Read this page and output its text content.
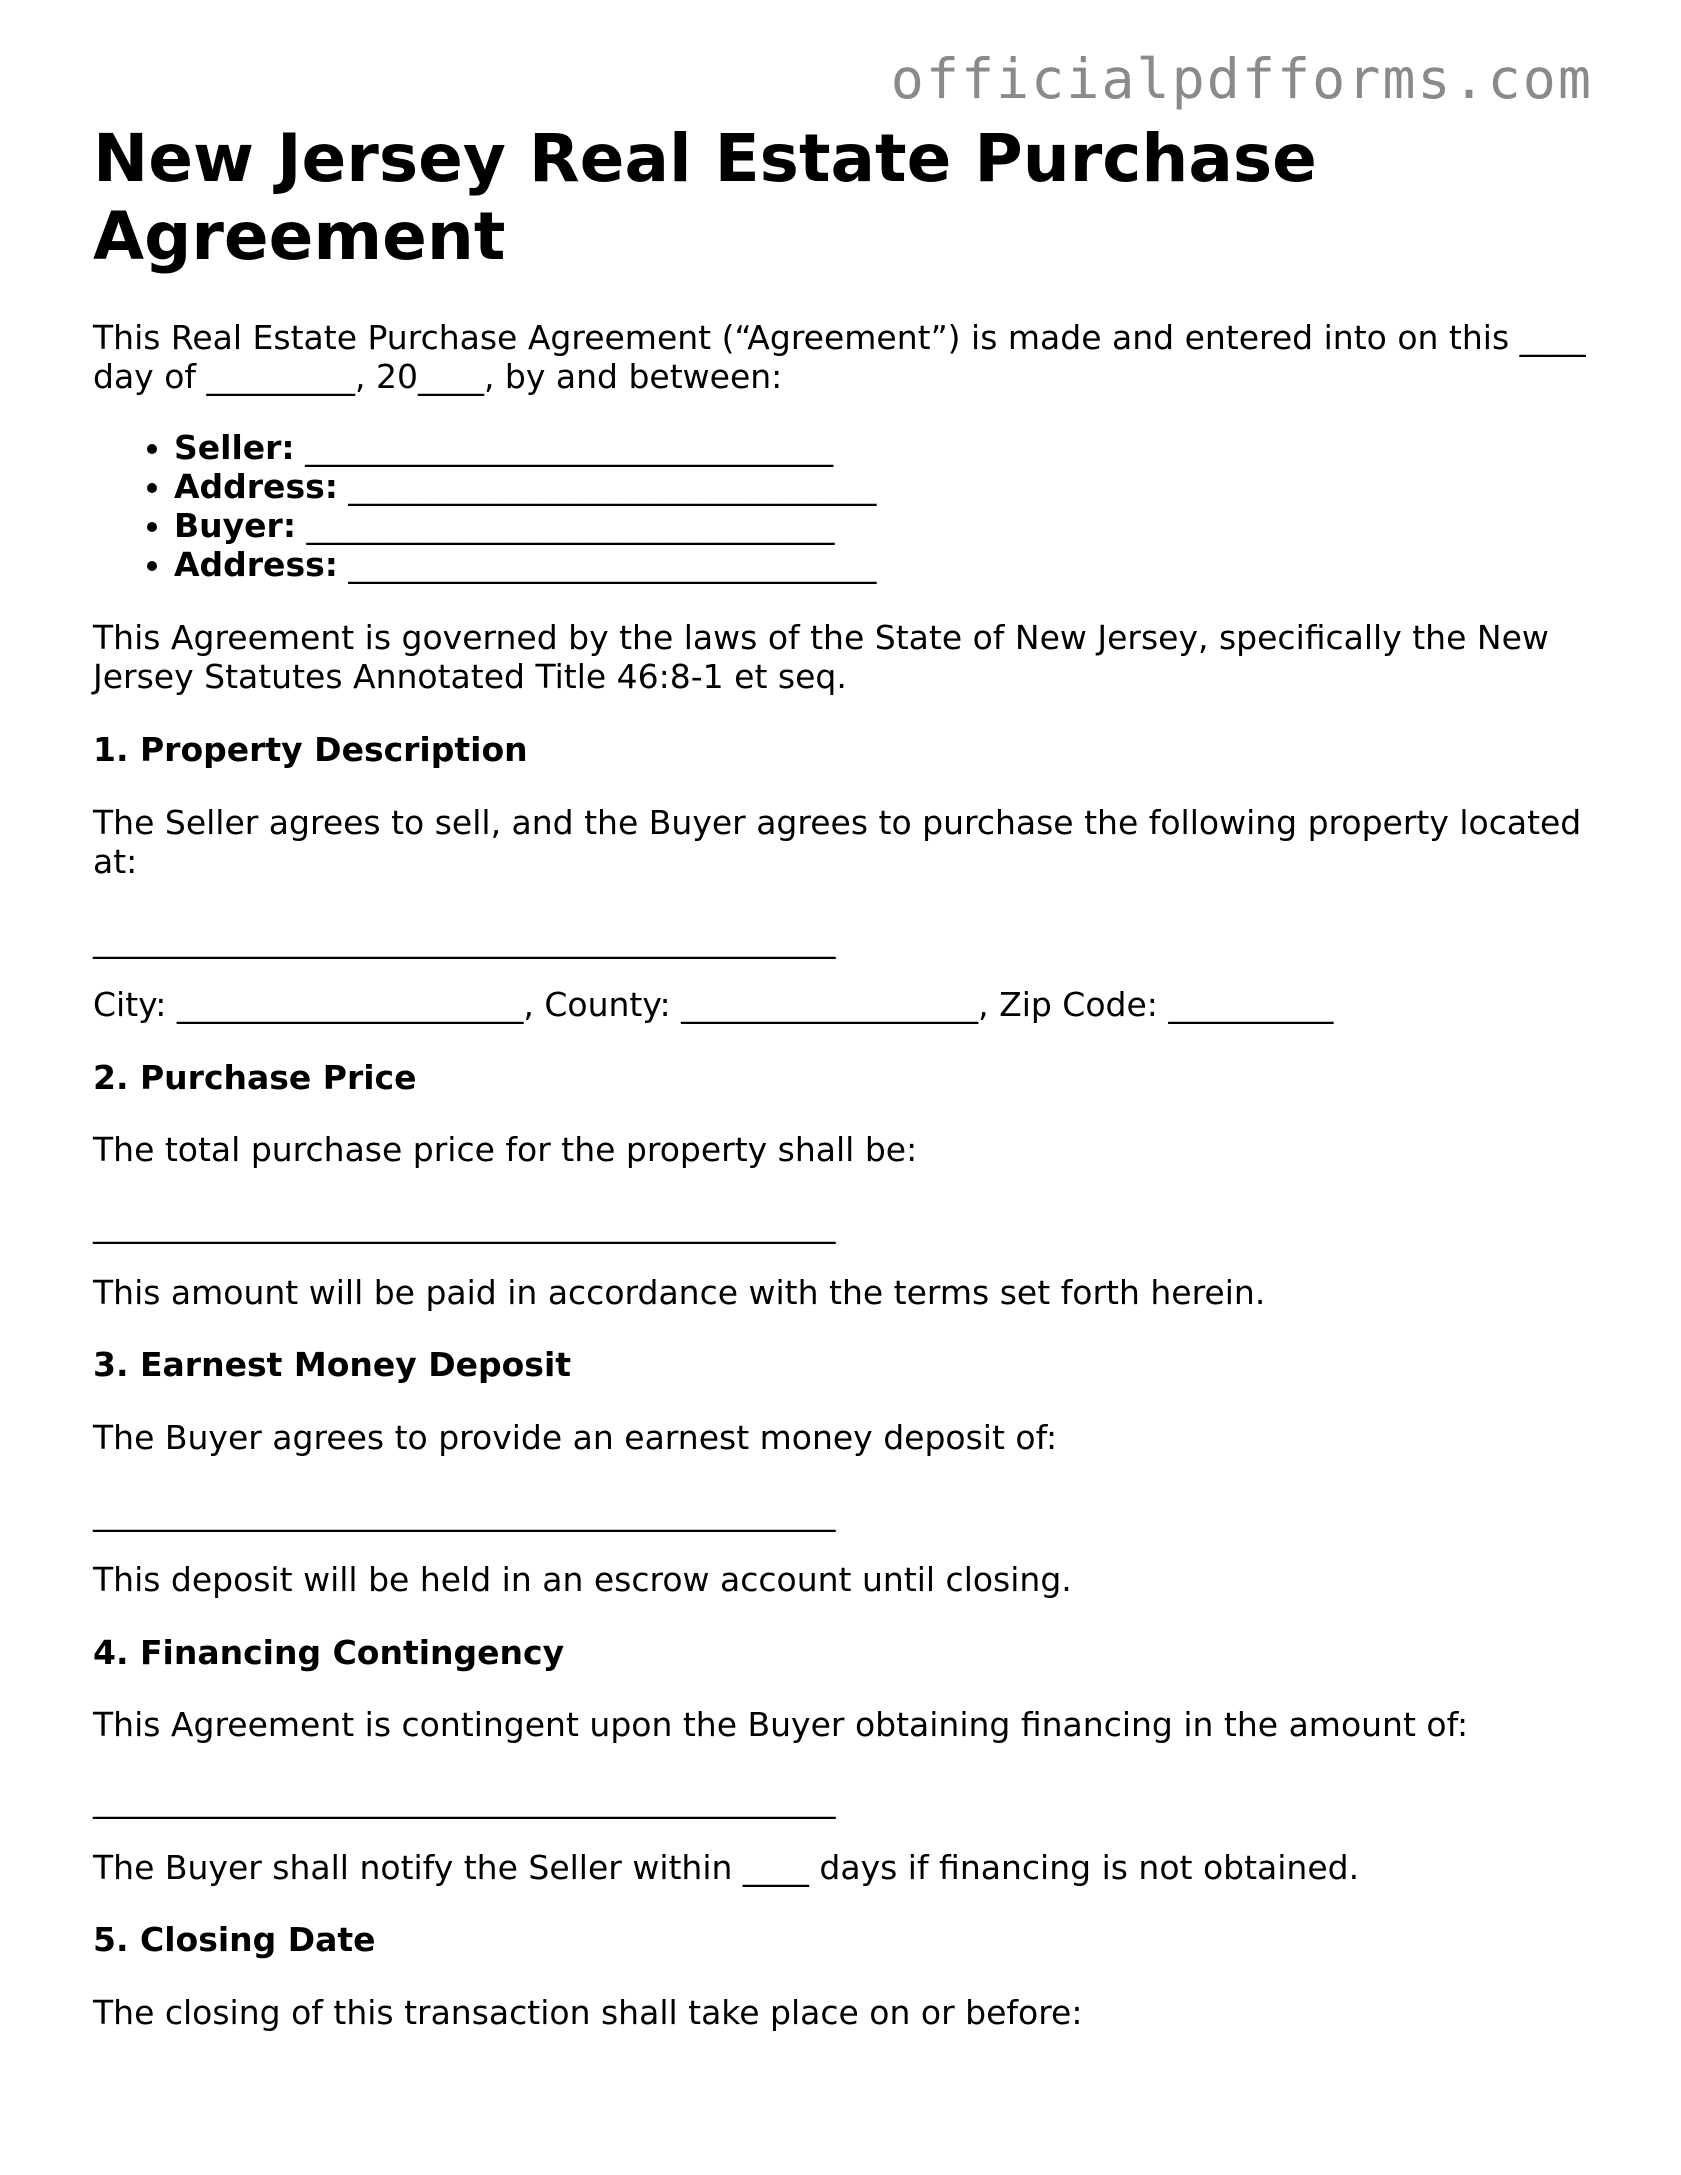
officialpdfforms.com
New Jersey Real Estate Purchase Agreement

This Real Estate Purchase Agreement (“Agreement”) is made and entered into on this ____ day of _________, 20____, by and between:

• Seller: ________________________________
• Address: ________________________________
• Buyer: ________________________________
• Address: ________________________________

This Agreement is governed by the laws of the State of New Jersey, specifically the New Jersey Statutes Annotated Title 46:8-1 et seq.

1. Property Description

The Seller agrees to sell, and the Buyer agrees to purchase the following property located at:

_____________________________________________

City: _____________________, County: __________________, Zip Code: __________

2. Purchase Price

The total purchase price for the property shall be:

_____________________________________________

This amount will be paid in accordance with the terms set forth herein.

3. Earnest Money Deposit

The Buyer agrees to provide an earnest money deposit of:

_____________________________________________

This deposit will be held in an escrow account until closing.

4. Financing Contingency

This Agreement is contingent upon the Buyer obtaining financing in the amount of:

_____________________________________________

The Buyer shall notify the Seller within ____ days if financing is not obtained.

5. Closing Date

The closing of this transaction shall take place on or before:
